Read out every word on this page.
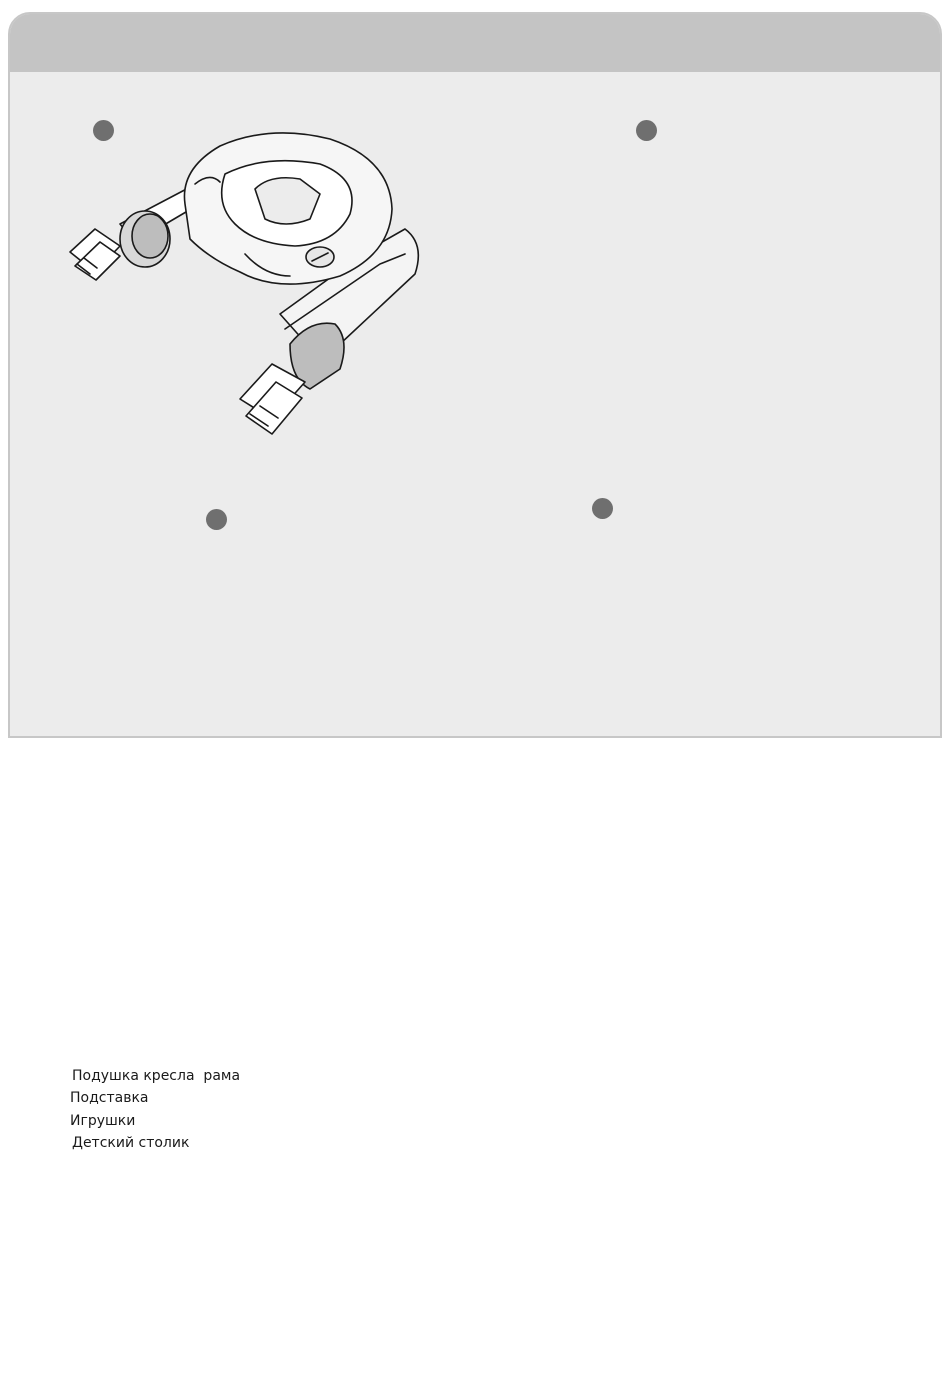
Подушка кресла  рама
Подставка
Игрушки
Детский столик
